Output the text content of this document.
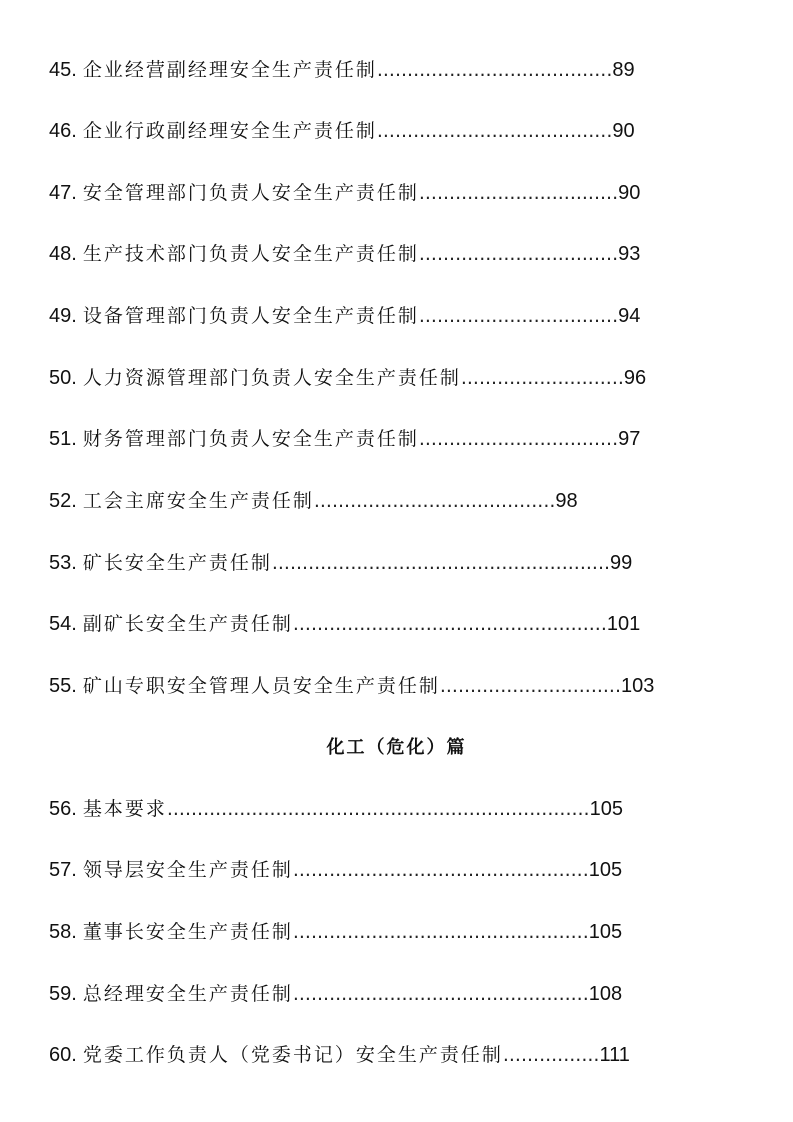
45. 企业经营副经理安全生产责任制.......................................89
46. 企业行政副经理安全生产责任制.......................................90
47. 安全管理部门负责人安全生产责任制.................................90
48. 生产技术部门负责人安全生产责任制.................................93
49. 设备管理部门负责人安全生产责任制.................................94
50. 人力资源管理部门负责人安全生产责任制...........................96
51. 财务管理部门负责人安全生产责任制.................................97
52. 工会主席安全生产责任制........................................98
53. 矿长安全生产责任制........................................................99
54. 副矿长安全生产责任制....................................................101
55. 矿山专职安全管理人员安全生产责任制..............................103
化工（危化）篇
56. 基本要求......................................................................105
57. 领导层安全生产责任制.................................................105
58. 董事长安全生产责任制.................................................105
59. 总经理安全生产责任制.................................................108
60. 党委工作负责人（党委书记）安全生产责任制................111
